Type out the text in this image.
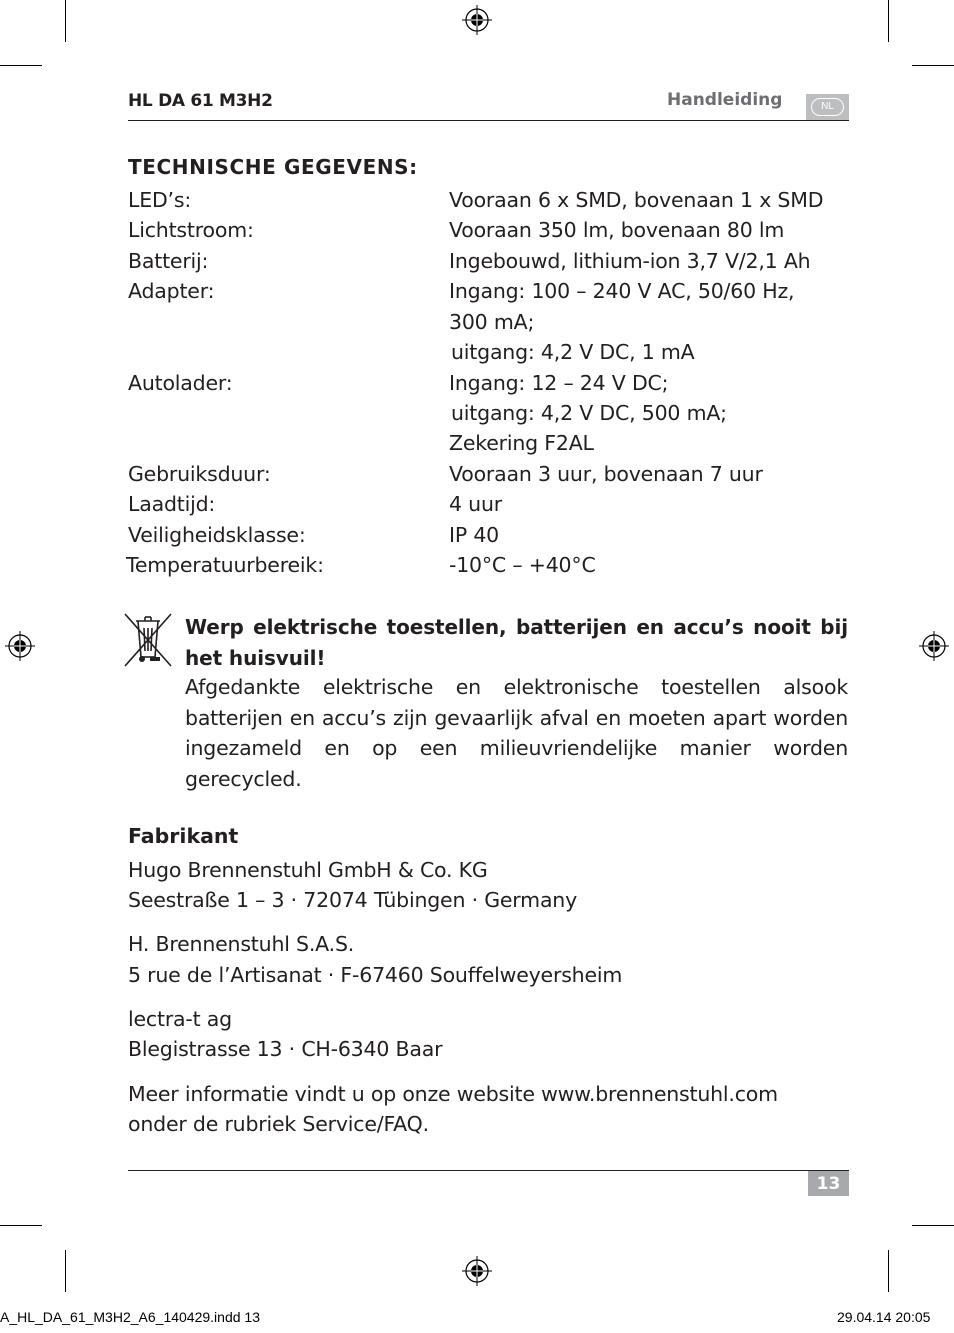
HL DA 61 M3H2	Handleiding	NL
TECHNISCHE GEGEVENS:
LED’s:	Vooraan 6 x SMD, bovenaan 1 x SMD
Lichtstroom:	Vooraan 350 lm, bovenaan 80 lm
Batterij:	Ingebouwd, lithium-ion 3,7 V/2,1 Ah
Adapter:	Ingang: 100 – 240 V AC, 50/60 Hz,
300 mA;
uitgang: 4,2 V DC, 1 mA
Autolader:	Ingang: 12 – 24 V DC;
uitgang: 4,2 V DC, 500 mA;
Zekering F2AL
Gebruiksduur:	Vooraan 3 uur, bovenaan 7 uur
Laadtijd:	4 uur
Veiligheidsklasse:	IP 40
Temperatuurbereik:	-10°C – +40°C
Werp elektrische toestellen, batterijen en accu’s nooit bij het huisvuil!
Afgedankte elektrische en elektronische toestellen alsook batterijen en accu’s zijn gevaarlijk afval en moeten apart worden ingezameld en op een milieuvriendelijke manier worden gerecycled.
Fabrikant
Hugo Brennenstuhl GmbH & Co. KG
Seestraße 1 – 3 · 72074 Tübingen · Germany
H. Brennenstuhl S.A.S.
5 rue de l’Artisanat · F-67460 Souffelweyersheim
lectra-t ag
Blegistrasse 13 · CH-6340 Baar
Meer informatie vindt u op onze website www.brennenstuhl.com
onder de rubriek Service/FAQ.
13
A_HL_DA_61_M3H2_A6_140429.indd 13	29.04.14 20:05
